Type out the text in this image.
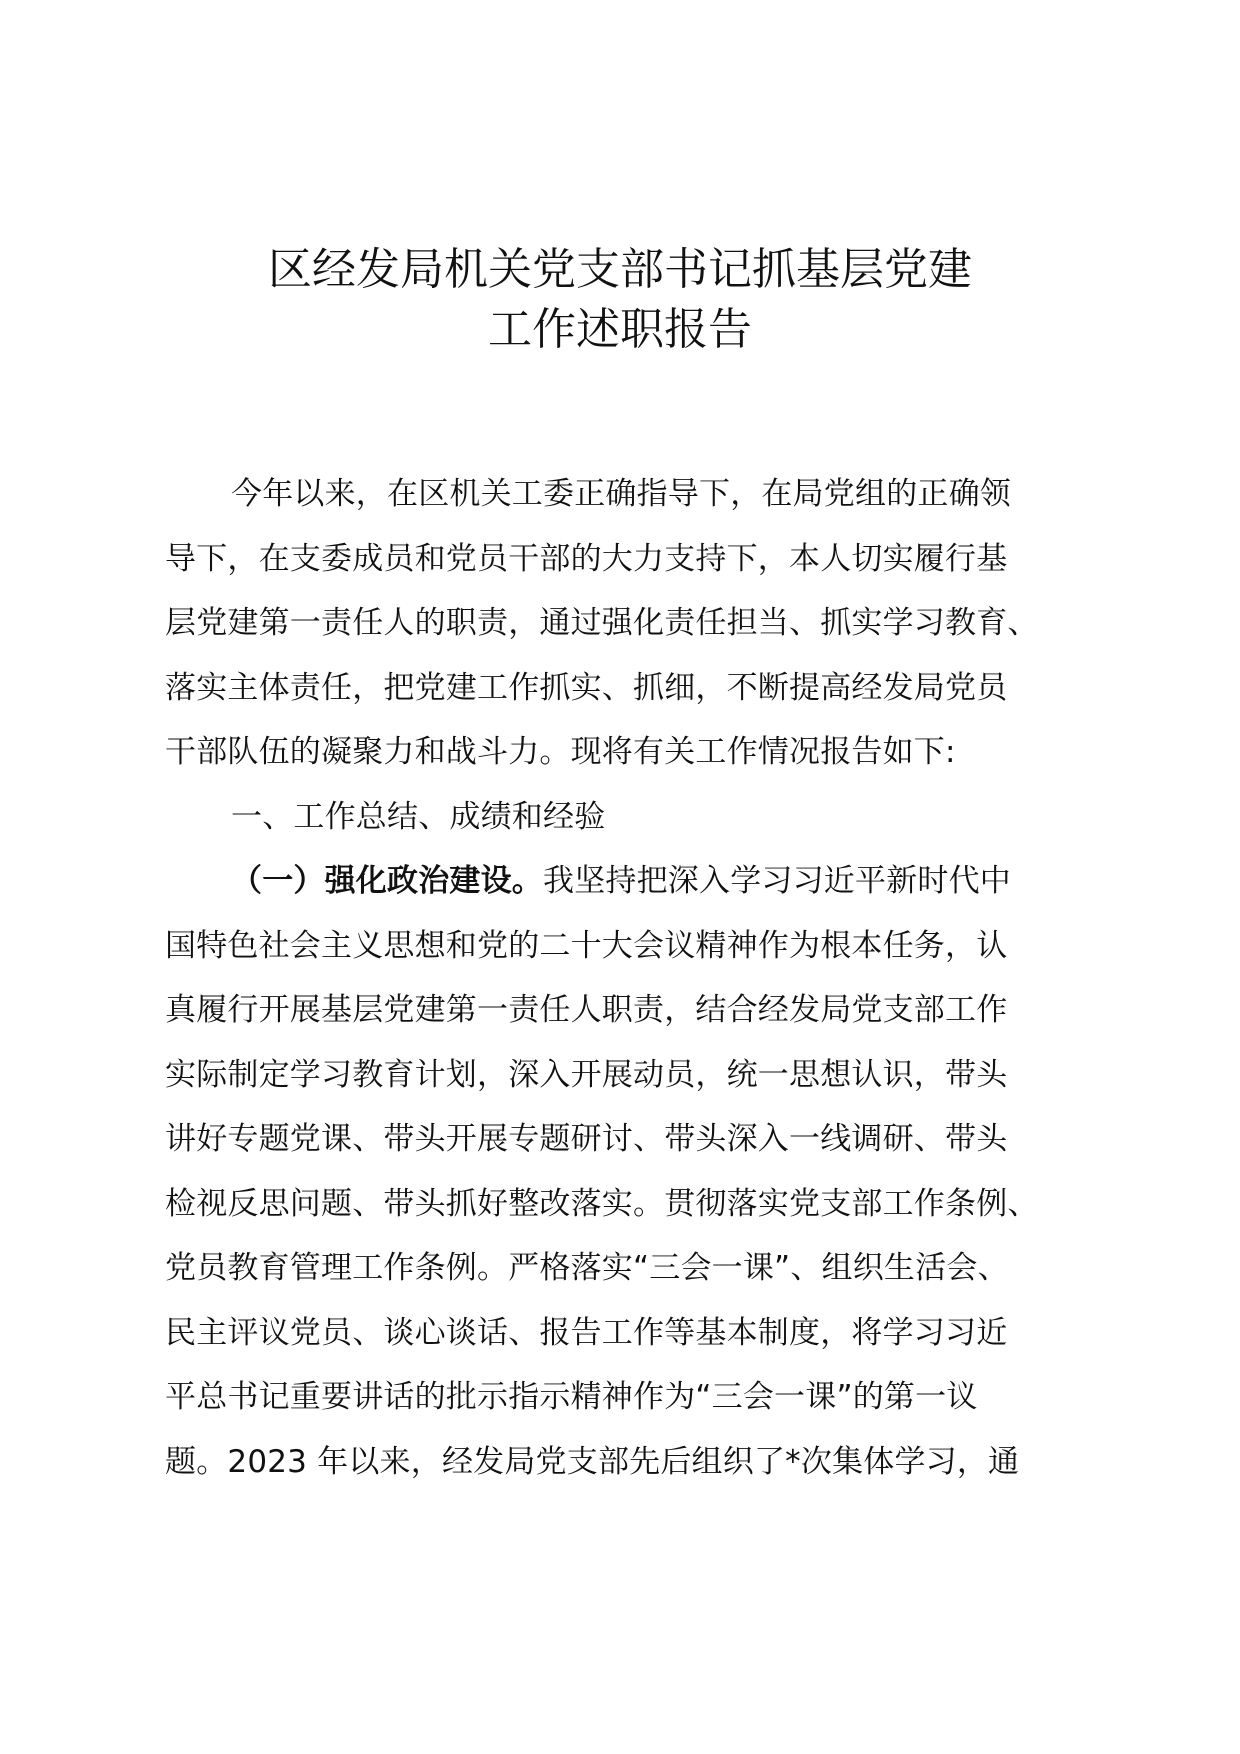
区经发局机关党支部书记抓基层党建
工作述职报告
今年以来，在区机关工委正确指导下，在局党组的正确领
导下，在支委成员和党员干部的大力支持下，本人切实履行基
层党建第一责任人的职责，通过强化责任担当、抓实学习教育、
落实主体责任，把党建工作抓实、抓细，不断提高经发局党员
干部队伍的凝聚力和战斗力。现将有关工作情况报告如下:
一、工作总结、成绩和经验
（一）强化政治建设。我坚持把深入学习习近平新时代中
国特色社会主义思想和党的二十大会议精神作为根本任务，认
真履行开展基层党建第一责任人职责，结合经发局党支部工作
实际制定学习教育计划，深入开展动员，统一思想认识，带头
讲好专题党课、带头开展专题研讨、带头深入一线调研、带头
检视反思问题、带头抓好整改落实。贯彻落实党支部工作条例、
党员教育管理工作条例。严格落实“三会一课”、组织生活会、
民主评议党员、谈心谈话、报告工作等基本制度，将学习习近
平总书记重要讲话的批示指示精神作为“三会一课”的第一议
题。2023 年以来，经发局党支部先后组织了*次集体学习，通
